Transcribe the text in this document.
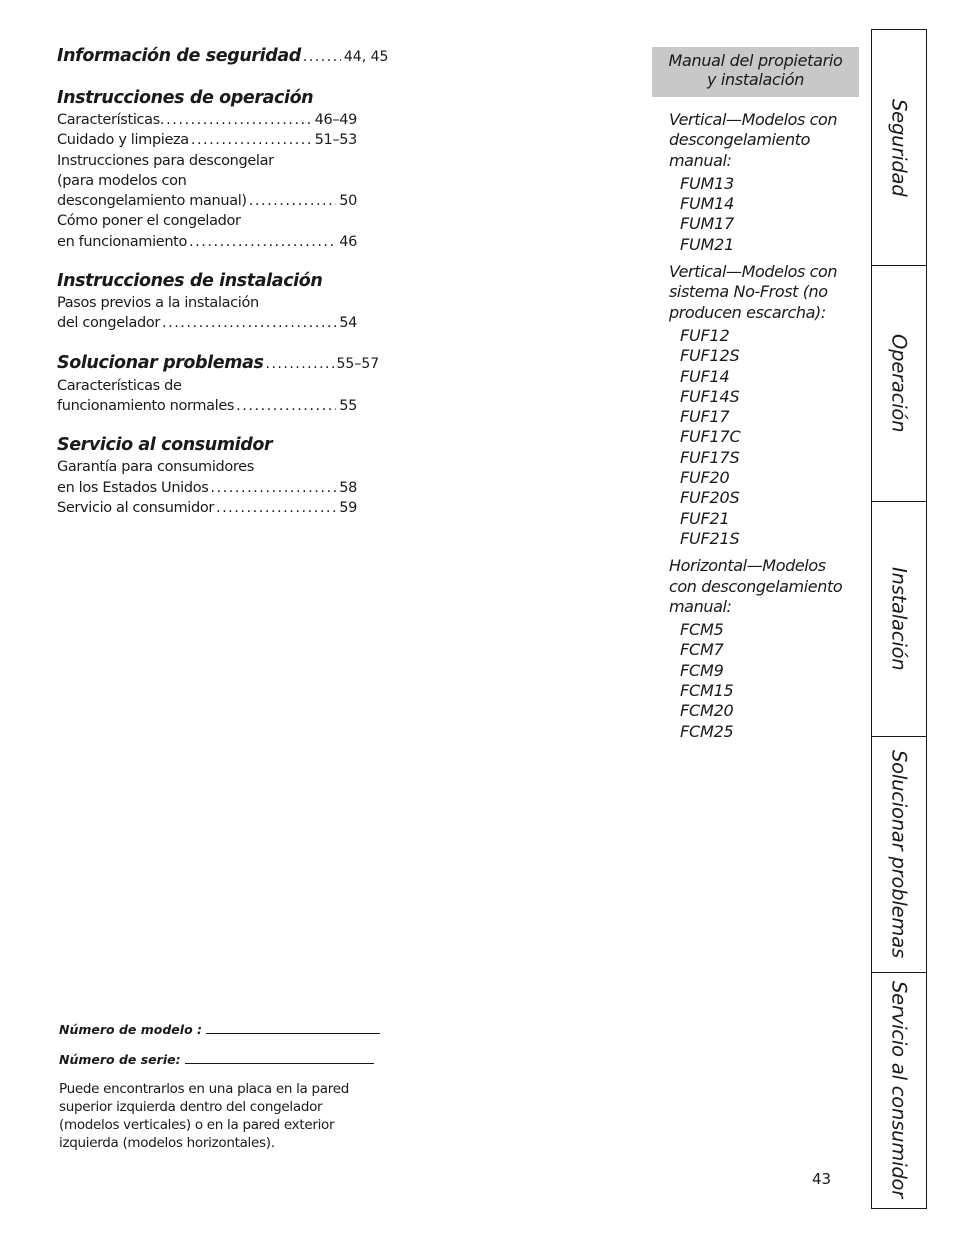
Información de seguridad .....	44, 45
Instrucciones de operación
Características. .....	46–49
Cuidado y limpieza .....	51–53
Instrucciones para descongelar
(para modelos con
descongelamiento manual) .....	50
Cómo poner el congelador
en funcionamiento .....	46
Instrucciones de instalación
Pasos previos a la instalación
del congelador .....	54
Solucionar problemas .....	55–57
Características de
funcionamiento normales .....	55
Servicio al consumidor
Garantía para consumidores
en los Estados Unidos .....	58
Servicio al consumidor .....	59
Número de modelo :
Número de serie:
Puede encontrarlos en una placa en la pared superior izquierda dentro del congelador (modelos verticales) o en la pared exterior izquierda (modelos horizontales).
Manual del propietario
y instalación
Vertical—Modelos con
descongelamiento
manual:
FUM13
FUM14
FUM17
FUM21
Vertical—Modelos con
sistema No-Frost (no
producen escarcha):
FUF12
FUF12S
FUF14
FUF14S
FUF17
FUF17C
FUF17S
FUF20
FUF20S
FUF21
FUF21S
Horizontal—Modelos
con descongelamiento
manual:
FCM5
FCM7
FCM9
FCM15
FCM20
FCM25
Seguridad
Operación
Instalación
Solucionar problemas
Servicio al consumidor
43
